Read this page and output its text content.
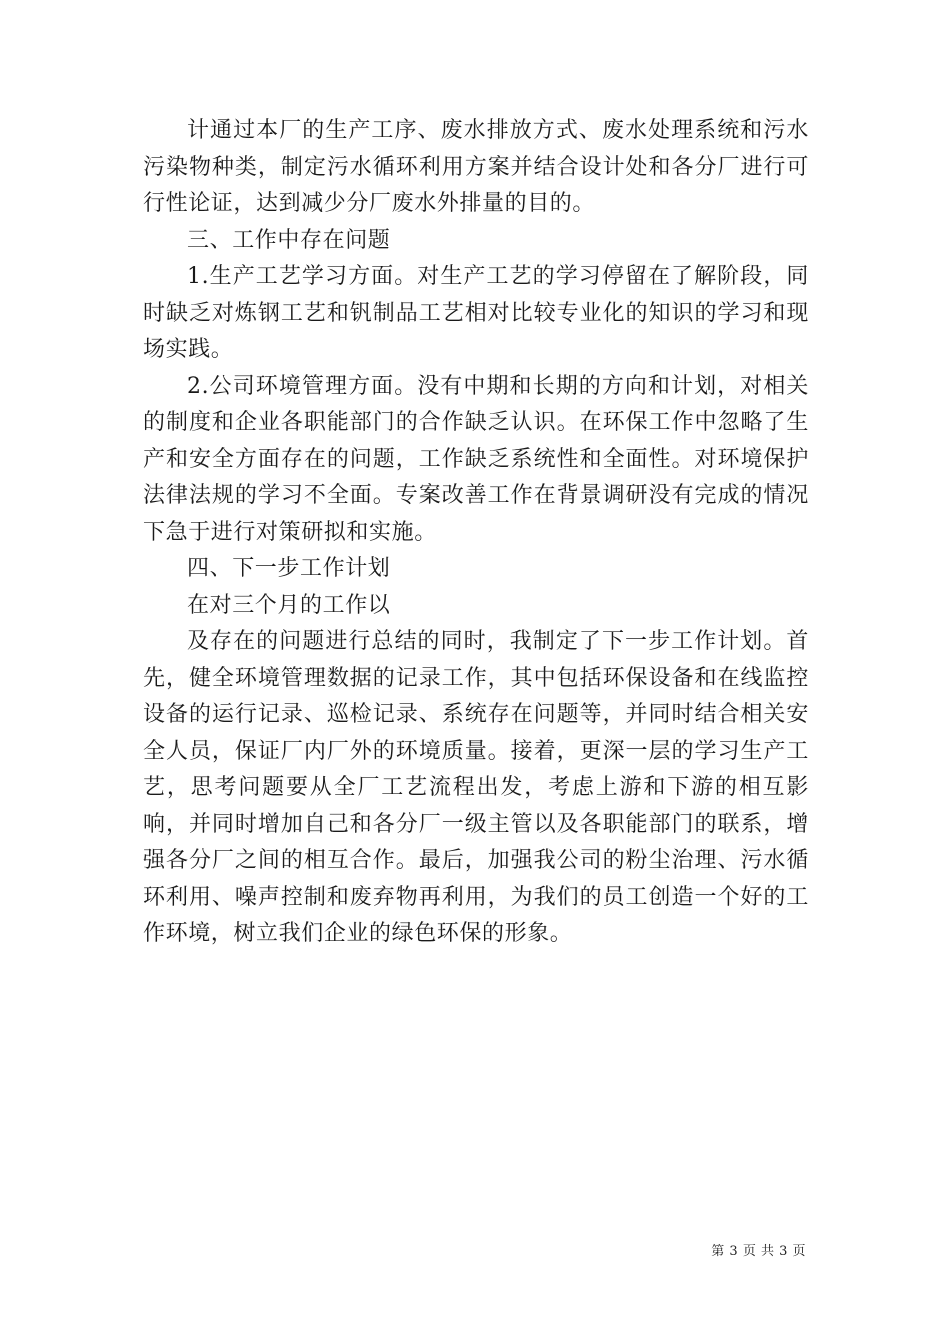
计通过本厂的生产工序、废水排放方式、废水处理系统和污水污染物种类，制定污水循环利用方案并结合设计处和各分厂进行可行性论证，达到减少分厂废水外排量的目的。

三、工作中存在问题

1.生产工艺学习方面。对生产工艺的学习停留在了解阶段，同时缺乏对炼钢工艺和钒制品工艺相对比较专业化的知识的学习和现场实践。

2.公司环境管理方面。没有中期和长期的方向和计划，对相关的制度和企业各职能部门的合作缺乏认识。在环保工作中忽略了生产和安全方面存在的问题，工作缺乏系统性和全面性。对环境保护法律法规的学习不全面。专案改善工作在背景调研没有完成的情况下急于进行对策研拟和实施。

四、下一步工作计划

在对三个月的工作以

及存在的问题进行总结的同时，我制定了下一步工作计划。首先，健全环境管理数据的记录工作，其中包括环保设备和在线监控设备的运行记录、巡检记录、系统存在问题等，并同时结合相关安全人员，保证厂内厂外的环境质量。接着，更深一层的学习生产工艺，思考问题要从全厂工艺流程出发，考虑上游和下游的相互影响，并同时增加自己和各分厂一级主管以及各职能部门的联系，增强各分厂之间的相互合作。最后，加强我公司的粉尘治理、污水循环利用、噪声控制和废弃物再利用，为我们的员工创造一个好的工作环境，树立我们企业的绿色环保的形象。

第 3 页 共 3 页
